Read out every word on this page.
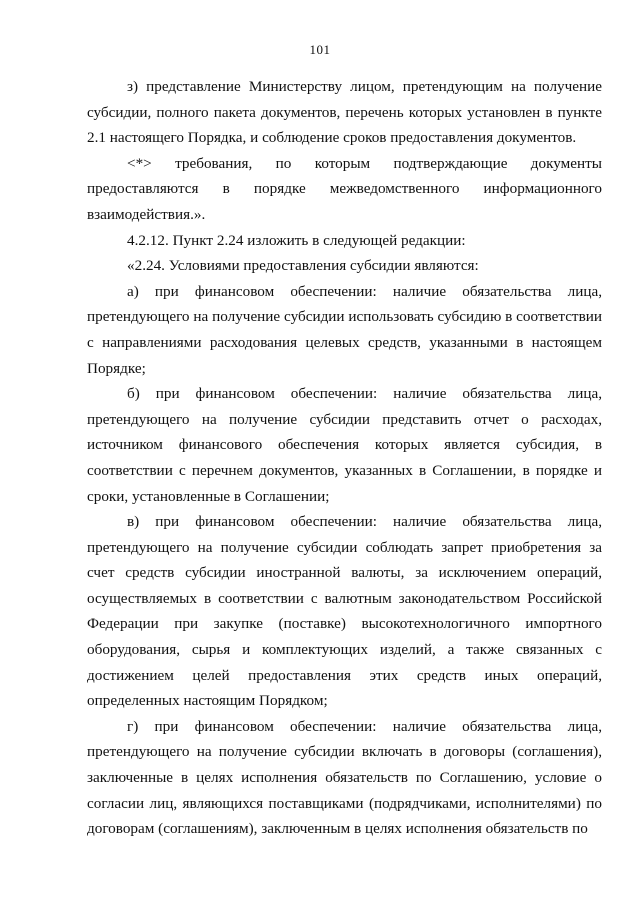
101

з) представление Министерству лицом, претендующим на получение субсидии, полного пакета документов, перечень которых установлен в пункте 2.1 настоящего Порядка, и соблюдение сроков предоставления документов.

<*> требования, по которым подтверждающие документы предоставляются в порядке межведомственного информационного взаимодействия.».

4.2.12. Пункт 2.24 изложить в следующей редакции:

«2.24. Условиями предоставления субсидии являются:

а) при финансовом обеспечении: наличие обязательства лица, претендующего на получение субсидии использовать субсидию в соответствии с направлениями расходования целевых средств, указанными в настоящем Порядке;

б) при финансовом обеспечении: наличие обязательства лица, претендующего на получение субсидии представить отчет о расходах, источником финансового обеспечения которых является субсидия, в соответствии с перечнем документов, указанных в Соглашении, в порядке и сроки, установленные в Соглашении;

в) при финансовом обеспечении: наличие обязательства лица, претендующего на получение субсидии соблюдать запрет приобретения за счет средств субсидии иностранной валюты, за исключением операций, осуществляемых в соответствии с валютным законодательством Российской Федерации при закупке (поставке) высокотехнологичного импортного оборудования, сырья и комплектующих изделий, а также связанных с достижением целей предоставления этих средств иных операций, определенных настоящим Порядком;

г) при финансовом обеспечении: наличие обязательства лица, претендующего на получение субсидии включать в договоры (соглашения), заключенные в целях исполнения обязательств по Соглашению, условие о согласии лиц, являющихся поставщиками (подрядчиками, исполнителями) по договорам (соглашениям), заключенным в целях исполнения обязательств по
